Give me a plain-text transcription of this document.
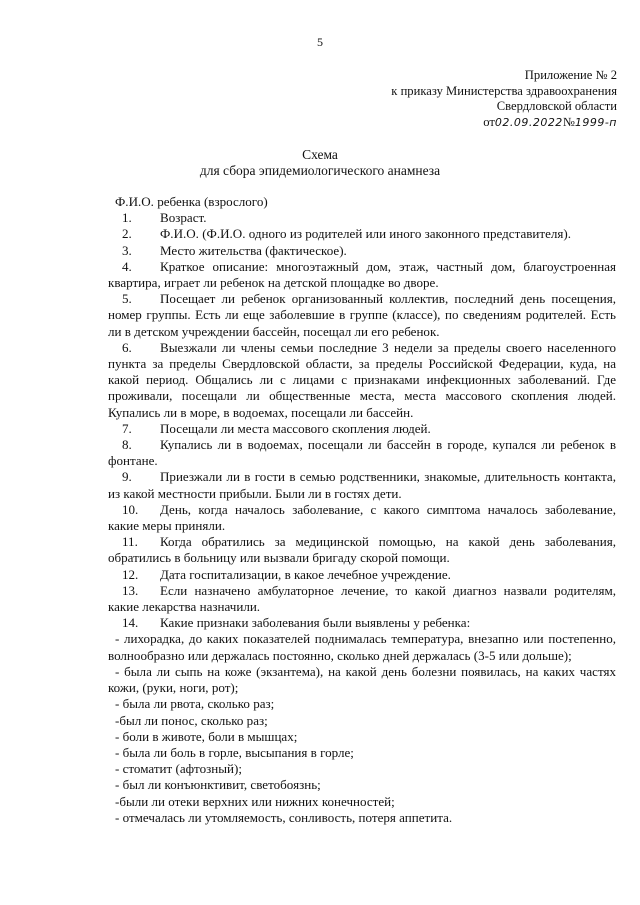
5
Приложение № 2
к приказу Министерства здравоохранения
Свердловской области
от02.09.2022№1999-п
Схема
для сбора эпидемиологического анамнеза

Ф.И.О. ребенка (взрослого)

1. Возраст.

2. Ф.И.О. (Ф.И.О. одного из родителей или иного законного представителя).

3. Место жительства (фактическое).

4. Краткое описание: многоэтажный дом, этаж, частный дом, благоустроенная квартира, играет ли ребенок на детской площадке во дворе.

5. Посещает ли ребенок организованный коллектив, последний день посещения, номер группы. Есть ли еще заболевшие в группе (классе), по сведениям родителей. Есть ли в детском учреждении бассейн, посещал ли его ребенок.

6. Выезжали ли члены семьи последние 3 недели за пределы своего населенного пункта за пределы Свердловской области, за пределы Российской Федерации, куда, на какой период. Общались ли с лицами с признаками инфекционных заболеваний. Где проживали, посещали ли общественные места, места массового скопления людей. Купались ли в море, в водоемах, посещали ли бассейн.

7. Посещали ли места массового скопления людей.

8. Купались ли в водоемах, посещали ли бассейн в городе, купался ли ребенок в фонтане.

9. Приезжали ли в гости в семью родственники, знакомые, длительность контакта, из какой местности прибыли. Были ли в гостях дети.

10. День, когда началось заболевание, с какого симптома началось заболевание, какие меры приняли.

11. Когда обратились за медицинской помощью, на какой день заболевания, обратились в больницу или вызвали бригаду скорой помощи.

12. Дата госпитализации, в какое лечебное учреждение.

13. Если назначено амбулаторное лечение, то какой диагноз назвали родителям, какие лекарства назначили.

14. Какие признаки заболевания были выявлены у ребенка:

- лихорадка, до каких показателей поднималась температура, внезапно или постепенно, волнообразно или держалась постоянно, сколько дней держалась (3-5 или дольше);

- была ли сыпь на коже (экзантема), на какой день болезни появилась, на каких частях кожи, (руки, ноги, рот);

- была ли рвота, сколько раз;

-был ли понос, сколько раз;

- боли в животе, боли в мышцах;

- была ли боль в горле, высыпания в горле;

- стоматит (афтозный);

- был ли конъюнктивит, светобоязнь;

-были ли отеки верхних или нижних конечностей;

- отмечалась ли утомляемость, сонливость, потеря аппетита.
